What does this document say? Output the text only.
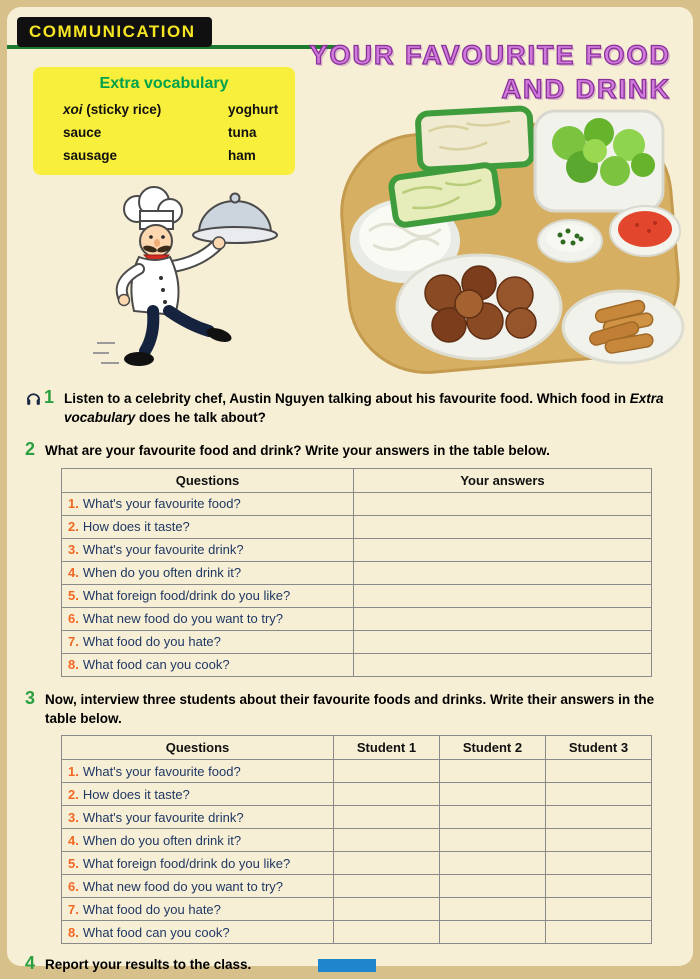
COMMUNICATION
YOUR FAVOURITE FOOD
AND DRINK
Extra vocabulary
xoi (sticky rice)	yoghurt
sauce	tuna
sausage	ham
1 Listen to a celebrity chef, Austin Nguyen talking about his favourite food. Which food in Extra vocabulary does he talk about?

2 What are your favourite food and drink? Write your answers in the table below.

Questions	Your answers
1. What's your favourite food?	
2. How does it taste?	
3. What's your favourite drink?	
4. When do you often drink it?	
5. What foreign food/drink do you like?	
6. What new food do you want to try?	
7. What food do you hate?	
8. What food can you cook?	
3 Now, interview three students about their favourite foods and drinks. Write their answers in the table below.

Questions	Student 1	Student 2	Student 3
1. What's your favourite food?			
2. How does it taste?			
3. What's your favourite drink?			
4. When do you often drink it?			
5. What foreign food/drink do you like?			
6. What new food do you want to try?			
7. What food do you hate?			
8. What food can you cook?			
4 Report your results to the class.
